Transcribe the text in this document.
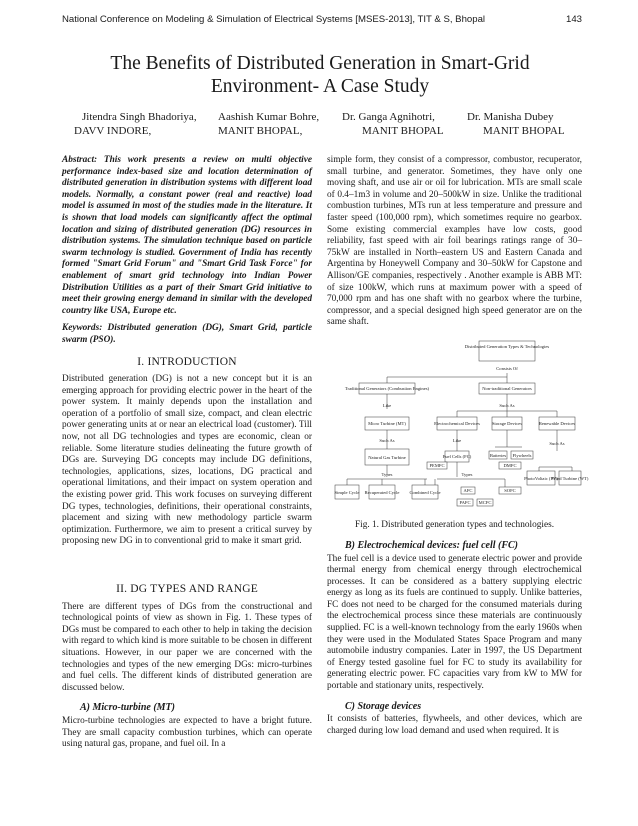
National Conference on Modeling & Simulation of Electrical Systems [MSES-2013], TIT & S, Bhopal	143
The Benefits of Distributed Generation in Smart-Grid
Environment- A Case Study
Jitendra Singh Bhadoriya,
DAVV INDORE,
Aashish Kumar Bohre,
MANIT BHOPAL,
Dr. Ganga Agnihotri,
MANIT BHOPAL
Dr. Manisha Dubey
MANIT BHOPAL

Abstract: This work presents a review on multi objective performance index-based size and location determination of distributed generation in distribution systems with different load models. Normally, a constant power (real and reactive) load model is assumed in most of the studies made in the literature. It is shown that load models can significantly affect the optimal location and sizing of distributed generation (DG) resources in distribution systems. The simulation technique based on particle swarm technology is studied. Government of India has recently formed "Smart Grid Forum" and "Smart Grid Task Force" for enablement of smart grid technology into Indian Power Distribution Utilities as a part of their Smart Grid initiative to meet their growing energy demand in similar with the developed country like USA, Europe etc.

Keywords: Distributed generation (DG), Smart Grid, particle swarm (PSO).

I. INTRODUCTION

Distributed generation (DG) is not a new concept but it is an emerging approach for providing electric power in the heart of the power system. It mainly depends upon the installation and operation of a portfolio of small size, compact, and clean electric power generating units at or near an electrical load (customer). Till now, not all DG technologies and types are economic, clean or reliable. Some literature studies delineating the future growth of DGs are. Surveying DG concepts may include DG definitions, technologies, applications, sizes, locations, DG practical and operational limitations, and their impact on system operation and the existing power grid. This work focuses on surveying different DG types, technologies, definitions, their operational constraints, placement and sizing with new methodology particle swarm optimization. Furthermore, we aim to present a critical survey by proposing new DG in to conventional grid to make it smart grid.

II. DG TYPES AND RANGE

There are different types of DGs from the constructional and technological points of view as shown in Fig. 1. These types of DGs must be compared to each other to help in taking the decision with regard to which kind is more suitable to be chosen in different situations. However, in our paper we are concerned with the technologies and types of the new emerging DGs: micro-turbines and fuel cells. The different kinds of distributed generation are discussed below.

A) Micro-turbine (MT)

Micro-turbine technologies are expected to have a bright future. They are small capacity combustion turbines, which can operate using natural gas, propane, and fuel oil. In a

simple form, they consist of a compressor, combustor, recuperator, small turbine, and generator. Sometimes, they have only one moving shaft, and use air or oil for lubrication. MTs are small scale of 0.4–1m3 in volume and 20–500kW in size. Unlike the traditional combustion turbines, MTs run at less temperature and pressure and faster speed (100,000 rpm), which sometimes require no gearbox. Some existing commercial examples have low costs, good reliability, fast speed with air foil bearings ratings range of 30–75kW are installed in North–eastern US and Eastern Canada and Argentina by Honeywell Company and 30–50kW for Capstone and Allison/GE companies, respectively . Another example is ABB MT: of size 100kW, which runs at maximum power with a speed of 70,000 rpm and has one shaft with no gearbox where the turbine, compressor, and a special designed high speed generator are on the same shaft.

Distributed Generation Types & Technologies
Consists Of
Traditional Generators (Combustion Engines)	Non-traditional Generators
Like	Such As
Micro Turbine (MT)	Electrochemical Devices	Storage Devices	Renewable Devices
Such As	Like
Such As
Natural Gas Turbine	Fuel Cells (FC)	Batteries Flywheels
Types	Types
Simple Cycle Recuperated Cycle Combined Cycle
PEMFC	DMFC
AFC
PAFC MCFC
SOFC
PhotoVoltaic (PV)
Wind Turbine (WT)
Fig. 1. Distributed generation types and technologies.

B) Electrochemical devices: fuel cell (FC)

The fuel cell is a device used to generate electric power and provide thermal energy from chemical energy through electrochemical processes. It can be considered as a battery supplying electric energy as long as its fuels are continued to supply. Unlike batteries, FC does not need to be charged for the consumed materials during the electrochemical process since these materials are continuously supplied. FC is a well-known technology from the early 1960s when they were used in the Modulated States Space Program and many automobile industry companies. Later in 1997, the US Department of Energy tested gasoline fuel for FC to study its availability for generating electric power. FC capacities vary from kW to MW for portable and stationary units, respectively.

C) Storage devices

It consists of batteries, flywheels, and other devices, which are charged during low load demand and used when required. It is
